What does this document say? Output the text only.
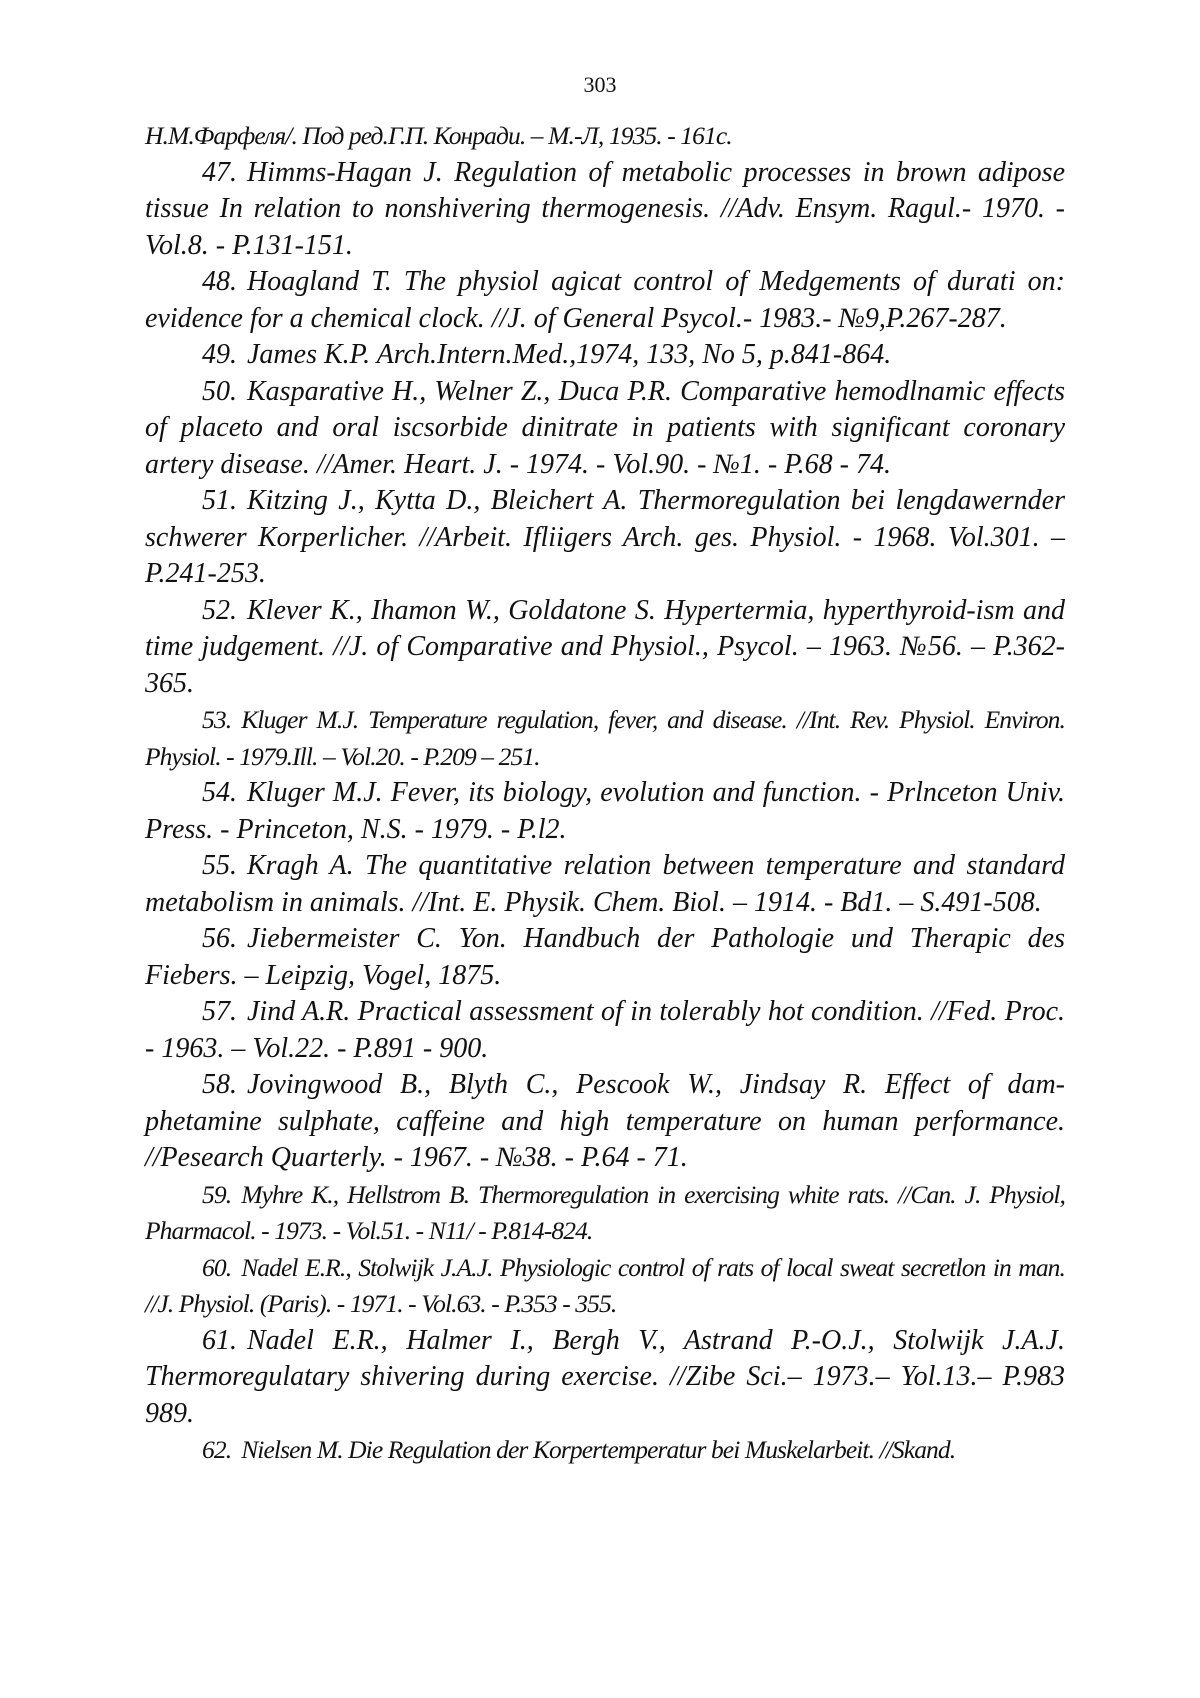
303

Н.М.Фарфеля/. Под ред.Г.П. Конради. – М.-Л, 1935. - 161с.

47. Himms-Hagan J. Regulation of metabolic processes in brown adipose tissue In relation to nonshivering thermogenesis. //Adv. Ensym. Ragul.- 1970. - Vol.8. - P.131-151.

48. Hoagland T. The physiol agicat control of Medgements of durati on: evidence for a chemical clock. //J. of General Psycol.- 1983.- №9,P.267-287.

49. James K.P. Arch.Intern.Med.,1974, 133, No 5, p.841-864.

50. Kasparative H., Welner Z., Duca P.R. Comparative hemodlnamic effects of placeto and oral iscsorbide dinitrate in patients with significant coronary artery disease. //Amer. Heart. J. - 1974. - Vol.90. - №1. - P.68 - 74.

51. Kitzing J., Kytta D., Bleichert A. Thermoregulation bei lengdawernder schwerer Korperlicher. //Arbeit. Ifliigers Arch. ges. Physiol. - 1968. Vol.301. – P.241-253.

52. Klever K., Ihamon W., Goldatone S. Hypertermia, hyperthyroid-ism and time judgement. //J. of Comparative and Physiol., Psycol. – 1963. №56. – P.362-365.

53. Kluger M.J. Temperature regulation, fever, and disease. //Int. Rev. Physiol. Environ. Physiol. - 1979.Ill. – Vol.20. - P.209 – 251.

54. Kluger M.J. Fever, its biology, evolution and function. - Prlnceton Univ. Press. - Princeton, N.S. - 1979. - P.l2.

55. Kragh A. The quantitative relation between temperature and standard metabolism in animals. //Int. E. Physik. Chem. Biol. – 1914. - Bd1. – S.491-508.

56. Jiebermeister C. Yon. Handbuch der Pathologie und Therapic des Fiebers. – Leipzig, Vogel, 1875.

57. Jind A.R. Practical assessment of in tolerably hot condition. //Fed. Proc. - 1963. – Vol.22. - P.891 - 900.

58. Jovingwood B., Blyth C., Pescook W., Jindsay R. Effect of dam-phetamine sulphate, caffeine and high temperature on human performance. //Pesearch Quarterly. - 1967. - №38. - P.64 - 71.

59. Myhre K., Hellstrom B. Thermoregulation in exercising white rats. //Can. J. Physiol, Pharmacol. - 1973. - Vol.51. - N11/ - P.814-824.

60. Nadel E.R., Stolwijk J.A.J. Physiologic control of rats of local sweat secretlon in man. //J. Physiol. (Paris). - 1971. - Vol.63. - P.353 - 355.

61. Nadel E.R., Halmer I., Bergh V., Astrand P.-O.J., Stolwijk J.A.J. Thermoregulatary shivering during exercise. //Zibe Sci.– 1973.– Yol.13.– P.983 989.

62. Nielsen M. Die Regulation der Korpertemperatur bei Muskelarbeit. //Skand.
